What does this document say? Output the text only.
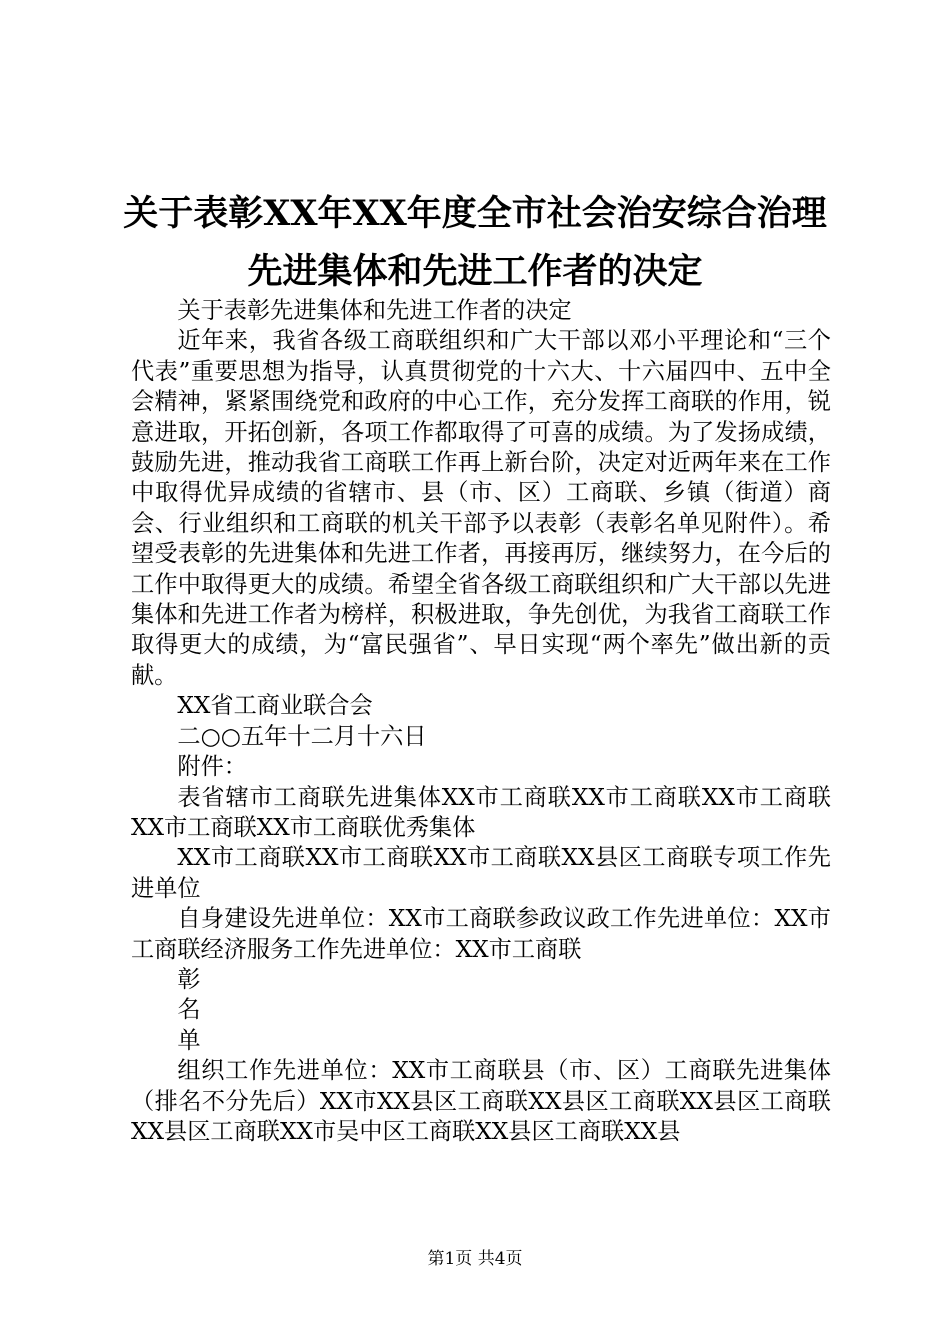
关于表彰XX年XX年度全市社会治安综合治理
先进集体和先进工作者的决定

关于表彰先进集体和先进工作者的决定

近年来，我省各级工商联组织和广大干部以邓小平理论和“三个代表”重要思想为指导，认真贯彻党的十六大、十六届四中、五中全会精神，紧紧围绕党和政府的中心工作，充分发挥工商联的作用，锐意进取，开拓创新，各项工作都取得了可喜的成绩。为了发扬成绩，鼓励先进，推动我省工商联工作再上新台阶，决定对近两年来在工作中取得优异成绩的省辖市、县（市、区）工商联、乡镇（街道）商会、行业组织和工商联的机关干部予以表彰（表彰名单见附件）。希望受表彰的先进集体和先进工作者，再接再厉，继续努力，在今后的工作中取得更大的成绩。希望全省各级工商联组织和广大干部以先进集体和先进工作者为榜样，积极进取，争先创优，为我省工商联工作取得更大的成绩，为“富民强省”、早日实现“两个率先”做出新的贡献。

XX省工商业联合会

二○○五年十二月十六日

附件：

表省辖市工商联先进集体XX市工商联XX市工商联XX市工商联XX市工商联XX市工商联优秀集体

XX市工商联XX市工商联XX市工商联XX县区工商联专项工作先进单位

自身建设先进单位：XX市工商联参政议政工作先进单位：XX市工商联经济服务工作先进单位：XX市工商联

彰

名

单

组织工作先进单位：XX市工商联县（市、区）工商联先进集体（排名不分先后）XX市XX县区工商联XX县区工商联XX县区工商联XX县区工商联XX市吴中区工商联XX县区工商联XX县

第1页 共4页
